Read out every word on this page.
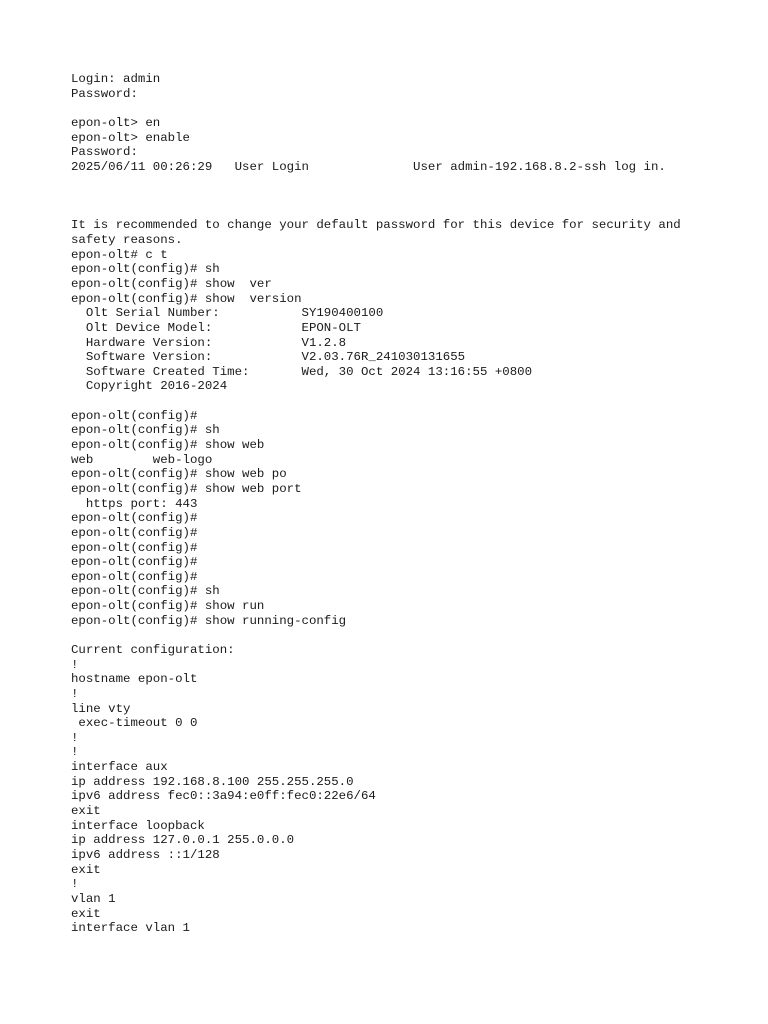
Login: admin
Password:
epon-olt> en
epon-olt> enable
Password:
2025/06/11 00:26:29   User Login              User admin-192.168.8.2-ssh log in.
It is recommended to change your default password for this device for security and
safety reasons.
epon-olt# c t
epon-olt(config)# sh
epon-olt(config)# show  ver
epon-olt(config)# show  version
Olt Serial Number:           SY190400100
Olt Device Model:            EPON-OLT
Hardware Version:            V1.2.8
Software Version:            V2.03.76R_241030131655
Software Created Time:       Wed, 30 Oct 2024 13:16:55 +0800
Copyright 2016-2024
epon-olt(config)#
epon-olt(config)# sh
epon-olt(config)# show web
web        web-logo
epon-olt(config)# show web po
epon-olt(config)# show web port
https port: 443
epon-olt(config)#
epon-olt(config)#
epon-olt(config)#
epon-olt(config)#
epon-olt(config)#
epon-olt(config)# sh
epon-olt(config)# show run
epon-olt(config)# show running-config
Current configuration:
!
hostname epon-olt
!
line vty
exec-timeout 0 0
!
!
interface aux
ip address 192.168.8.100 255.255.255.0
ipv6 address fec0::3a94:e0ff:fec0:22e6/64
exit
interface loopback
ip address 127.0.0.1 255.0.0.0
ipv6 address ::1/128
exit
!
vlan 1
exit
interface vlan 1
